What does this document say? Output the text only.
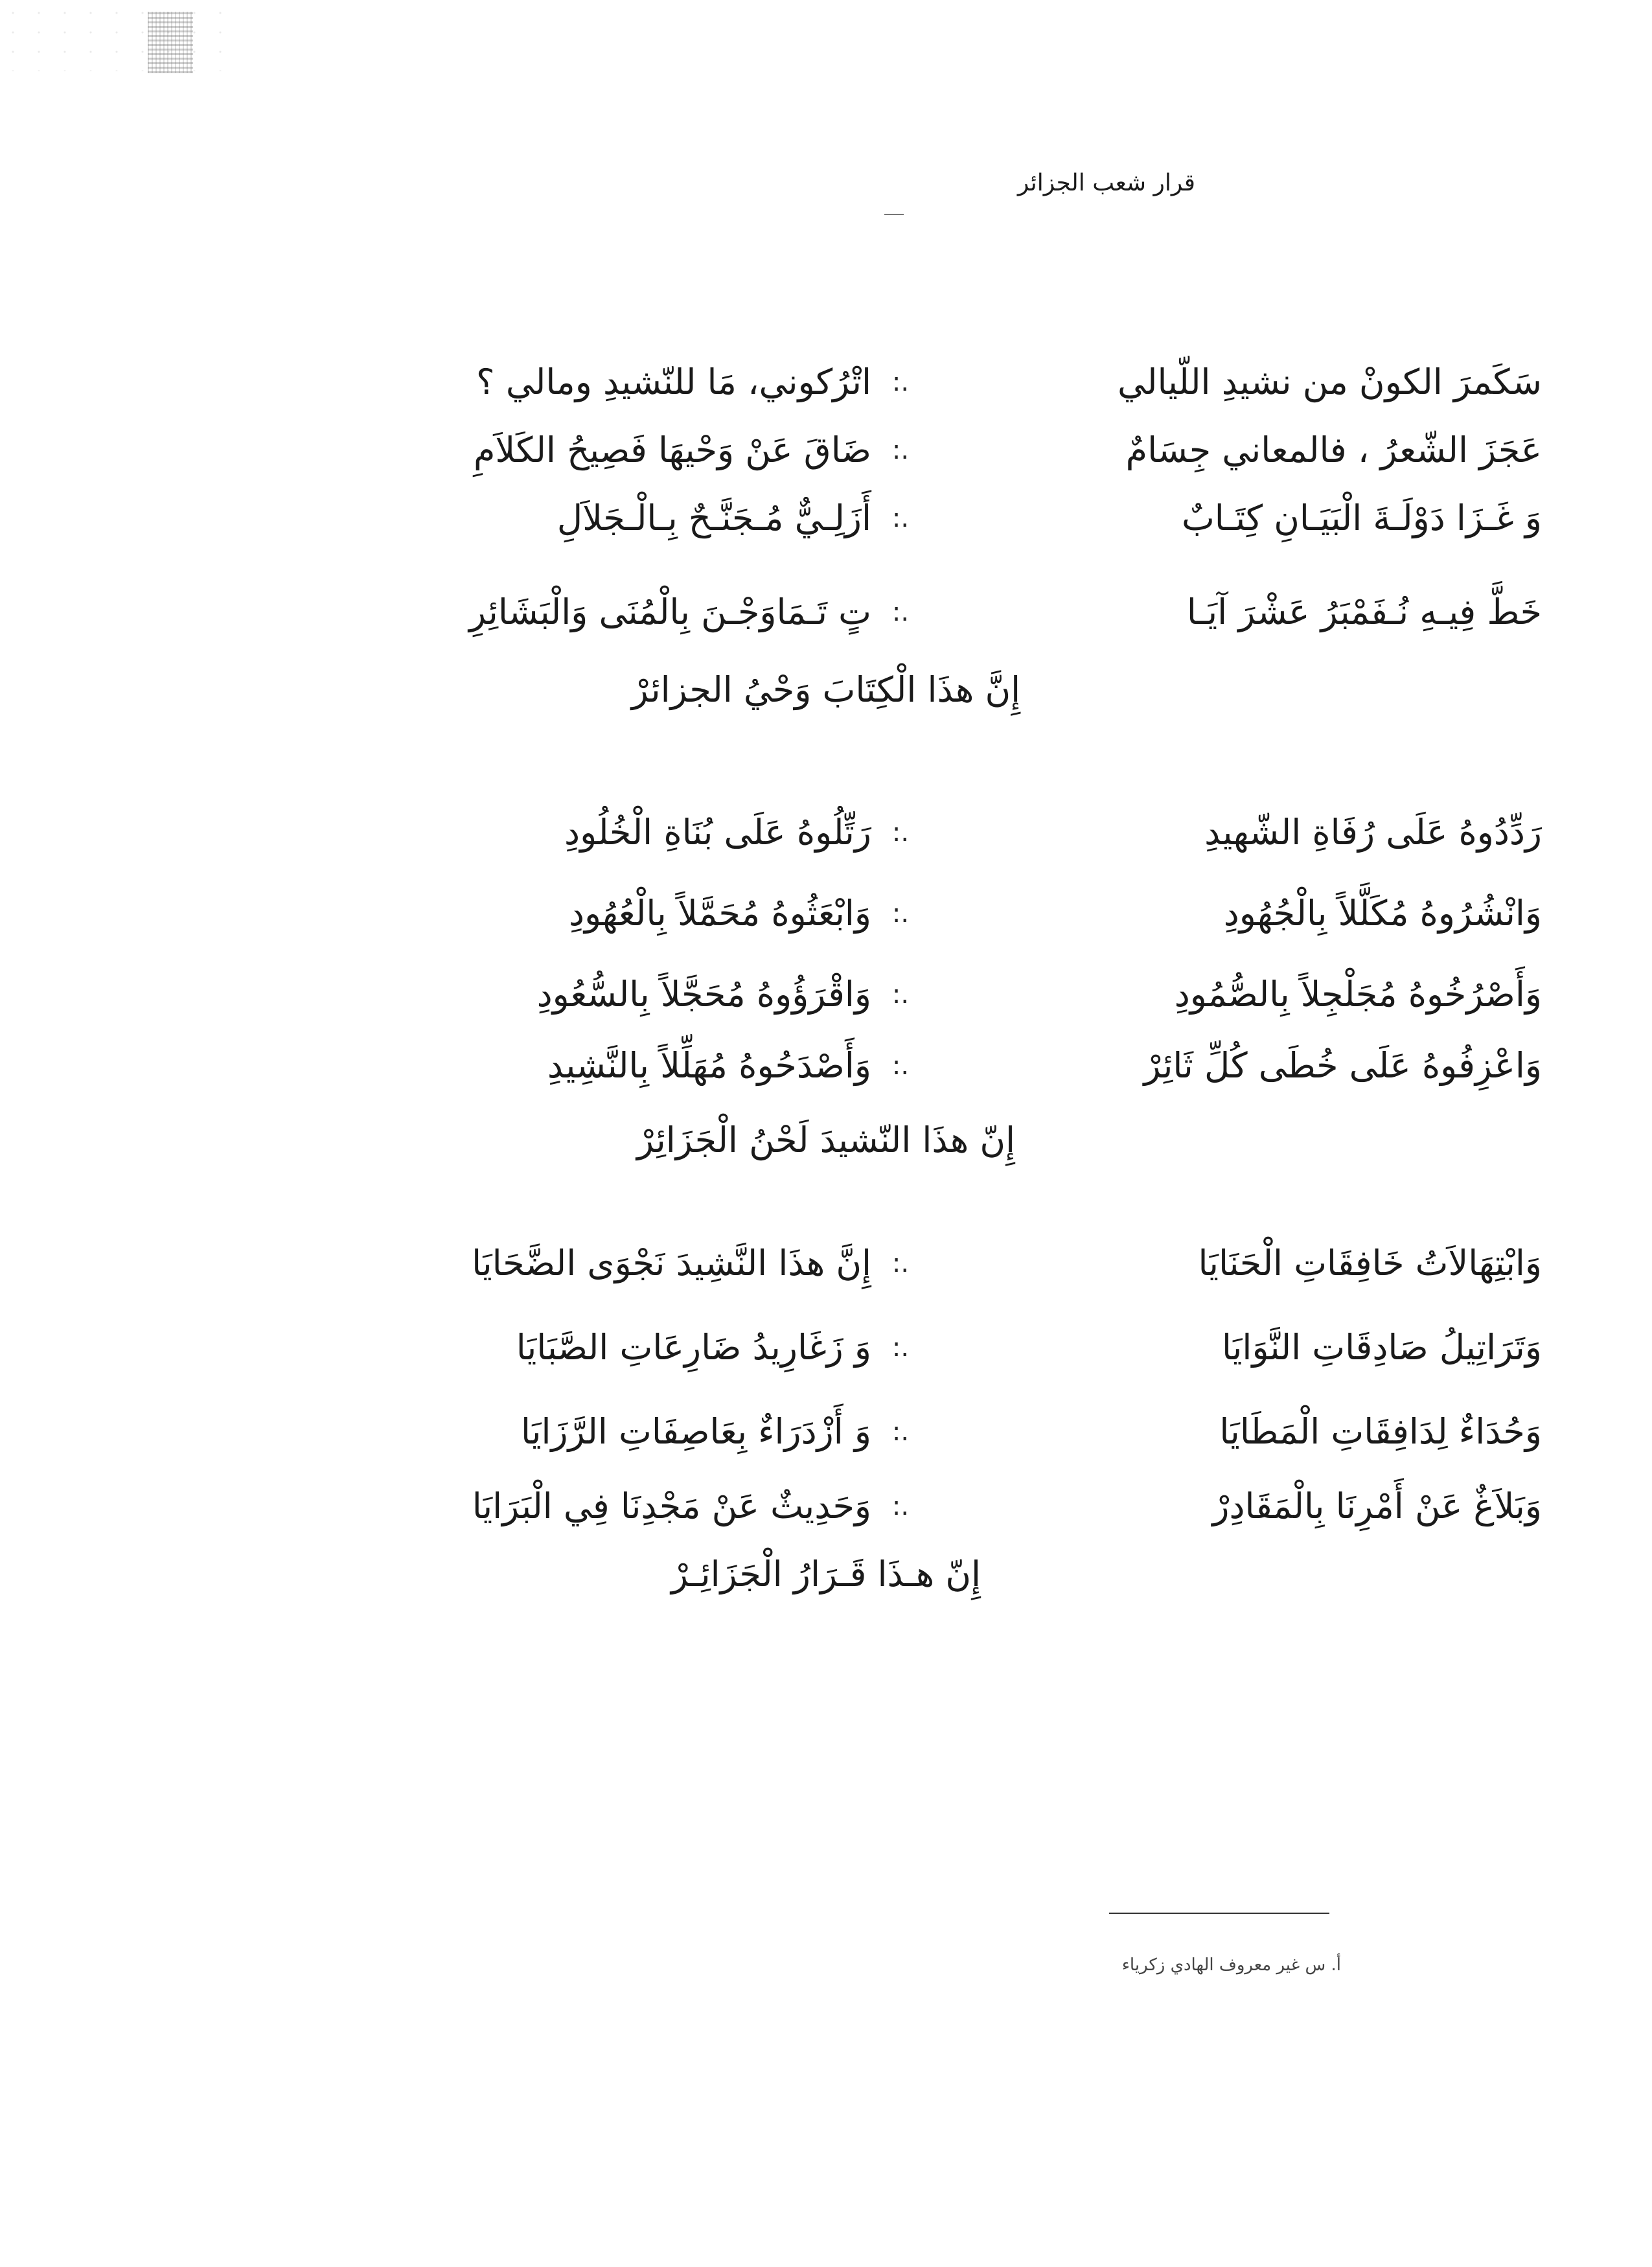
قرار شعب الجزائر
سَكَمرَ الكونْ من نشيدِ اللّيالي
:.
اتْرُكوني، مَا للنّشيدِ ومالي ؟
عَجَزَ الشّعرُ ، فالمعاني جِسَامٌ
:.
ضَاقَ عَنْ وَحْيهَا فَصِيحُ الكَلاَمِ
وَ غَـزَا دَوْلَـةَ الْبَيَـانِ كِتَـابٌ
:.
أَزَلِـيٌّ مُـجَنَّـحٌ بِـالْـجَلاَلِ
خَطَّ فِيـهِ نُـفَمْبَرُ عَشْرَ آيَـا
:.
تٍ تَـمَاوَجْـنَ بِالْمُنَى وَالْبَشَائِرِ
إِنَّ هذَا الْكِتَابَ وَحْيُ الجزائرْ
رَدِّدُوهُ عَلَى رُفَاةِ الشّهيدِ
:.
رَتِّلُوهُ عَلَى بُنَاةِ الْخُلُودِ
وَانْشُرُوهُ مُكَلَّلاً بِالْجُهُودِ
:.
وَابْعَثُوهُ مُحَمَّلاً بِالْعُهُودِ
وَأَصْرُخُوهُ مُجَلْجِلاً بِالصُّمُودِ
:.
وَاقْرَؤُوهُ مُحَجَّلاً بِالسُّعُودِ
وَاعْزِفُوهُ عَلَى خُطَى كُلِّ ثَائِرْ
:.
وَأَصْدَحُوهُ مُهَلِّلاً بِالنَّشِيدِ
إِنّ هذَا النّشيدَ لَحْنُ الْجَزَائِرْ
وَابْتِهَالاَتُ خَافِقَاتِ الْحَنَايَا
:.
إِنَّ هذَا النَّشِيدَ نَجْوَى الضَّحَايَا
وَتَرَاتِيلُ صَادِقَاتِ النَّوَايَا
:.
وَ زَغَارِيدُ ضَارِعَاتِ الصَّبَايَا
وَحُدَاءٌ لِدَافِقَاتِ الْمَطَايَا
:.
وَ أَزْدَرَاءٌ بِعَاصِفَاتِ الرَّزَايَا
وَبَلاَغٌ عَنْ أَمْرِنَا بِالْمَقَادِرْ
:.
وَحَدِيثٌ عَنْ مَجْدِنَا فِي الْبَرَايَا
إِنّ هـذَا قَـرَارُ الْجَزَائِـرْ
أ. س غير معروف الهادي زكرياء
